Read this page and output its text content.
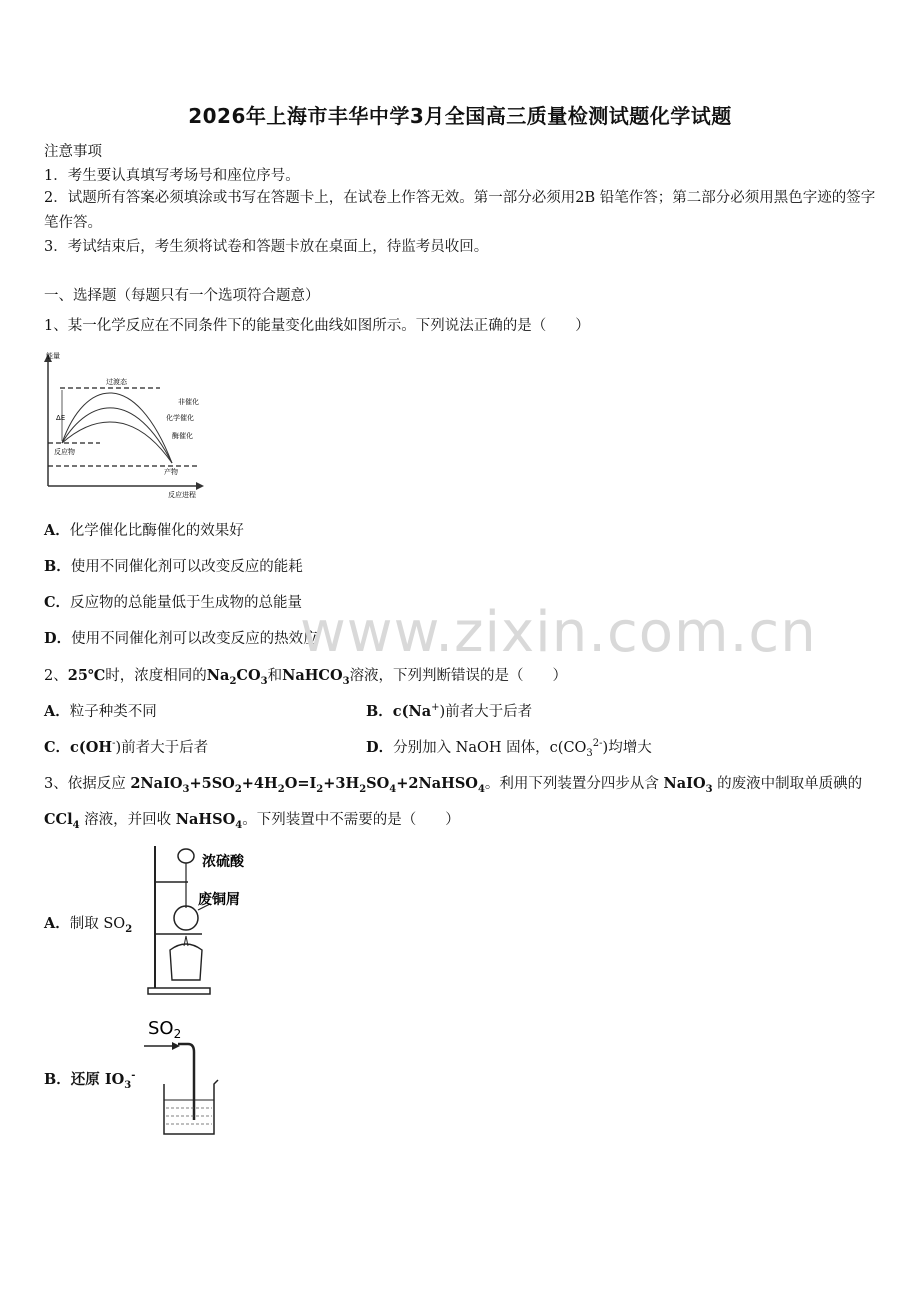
2026年上海市丰华中学3月全国高三质量检测试题化学试题
注意事项
1．考生要认真填写考场号和座位序号。
2．试题所有答案必须填涂或书写在答题卡上，在试卷上作答无效。第一部分必须用2B 铅笔作答；第二部分必须用黑色字迹的签字笔作答。
3．考试结束后，考生须将试卷和答题卡放在桌面上，待监考员收回。
一、选择题（每题只有一个选项符合题意）
1、某一化学反应在不同条件下的能量变化曲线如图所示。下列说法正确的是（　　）
能量
反应进程
ΔE
过渡态
非催化
化学催化
酶催化
反应物
产物
A．化学催化比酶催化的效果好
B．使用不同催化剂可以改变反应的能耗
C．反应物的总能量低于生成物的总能量
D．使用不同催化剂可以改变反应的热效应
2、25℃时，浓度相同的$Na_2CO_3$和NaHCO$_3$溶液，下列判断错误的是（　　）
A．粒子种类不同	B．c(Na+)前者大于后者
C．c(OH-)前者大于后者	D．分别加入 NaOH 固体，$c(CO_3^{2-})$均增大
3、依据反应 $2NaIO_3+5SO_2+4H_2O=I_2+3H_2SO_4+2NaHSO_4$。利用下列装置分四步从含 NaIO$_3$ 的废液中制取单质碘的
CCl$_4$ 溶液，并回收 NaHSO$_4$。下列装置中不需要的是（　　）
A．制取 $SO_2$
浓硫酸
废铜屑
B．还原 $IO_3^-$
$SO_2$
www.zixin.com.cn
